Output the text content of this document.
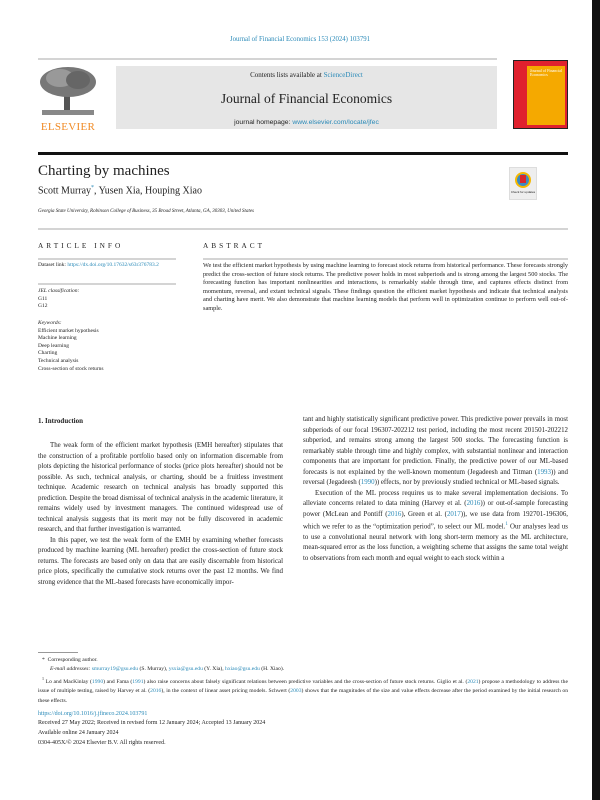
Journal of Financial Economics 153 (2024) 103791
ELSEVIER
Contents lists available at ScienceDirect
Journal of Financial Economics
journal homepage: www.elsevier.com/locate/jfec
Journal of Financial Economics
Check for updates
Charting by machines
Scott Murray*, Yusen Xia, Houping Xiao
Georgia State University, Robinson College of Business, 35 Broad Street, Atlanta, GA, 30303, United States
ARTICLE INFO	ABSTRACT
Dataset link: https://dx.doi.org/10.17632/s63r376783.2
JEL classification:
G11
G12
Keywords:
Efficient market hypothesis
Machine learning
Deep learning
Charting
Technical analysis
Cross-section of stock returns
We test the efficient market hypothesis by using machine learning to forecast stock returns from historical performance. These forecasts strongly predict the cross-section of future stock returns. The predictive power holds in most subperiods and is strong among the largest 500 stocks. The forecasting function has important nonlinearities and interactions, is remarkably stable through time, and captures effects distinct from momentum, reversal, and extant technical signals. These findings question the efficient market hypothesis and indicate that technical analysis and charting have merit. We also demonstrate that machine learning models that perform well in optimization continue to perform well out-of-sample.
1. Introduction

The weak form of the efficient market hypothesis (EMH hereafter) stipulates that the construction of a profitable portfolio based only on information discernable from plots depicting the historical performance of stocks (price plots hereafter) should not be possible. As such, technical analysis, or charting, should be a fruitless investment technique. Academic research on technical analysis has broadly supported this prediction. Despite the broad dismissal of technical analysis in the academic literature, it remains widely used by investment managers. The continued widespread use of technical analysis suggests that its merit may not be fully discovered in academic research, and that further investigation is warranted.

In this paper, we test the weak form of the EMH by examining whether forecasts produced by machine learning (ML hereafter) predict the cross-section of future stock returns. The forecasts are based only on data that are easily discernable from historical price plots, specifically the cumulative stock returns over the past 12 months. We find strong evidence that the ML-based forecasts have economically impor-

tant and highly statistically significant predictive power. This predictive power prevails in most subperiods of our focal 196307-202212 test period, including the most recent 201501-202212 subperiod, and remains strong among the largest 500 stocks. The forecasting function is remarkably stable through time and highly complex, with substantial nonlinear and interaction components that are important for prediction. Finally, the predictive power of our ML-based forecasts is not explained by the well-known momentum (Jegadeesh and Titman (1993)) and reversal (Jegadeesh (1990)) effects, nor by previously studied technical or ML-based signals.

Execution of the ML process requires us to make several implementation decisions. To alleviate concerns related to data mining (Harvey et al. (2016)) or out-of-sample forecasting power (McLean and Pontiff (2016), Green et al. (2017)), we use data from 192701-196306, which we refer to as the “optimization period”, to select our ML model.$^1$ Our analyses lead us to use a convolutional neural network with long short-term memory as the ML architecture, mean-squared error as the loss function, a weighting scheme that assigns the same total weight to observations from each month and equal weight to each stock within a

* Corresponding author.
E-mail addresses: smurray19@gsu.edu (S. Murray), ysxia@gsu.edu (Y. Xia), hxiao@gsu.edu (H. Xiao).

$^1$ Lo and MacKinlay (1990) and Fama (1991) also raise concerns about falsely significant relations between predictive variables and the cross-section of future stock returns. Giglio et al. (2021) propose a methodology to address the issue of multiple testing, raised by Harvey et al. (2016), in the context of linear asset pricing models. Schwert (2003) shows that the magnitudes of the size and value effects decrease after the period examined by the initial research on these effects.

https://doi.org/10.1016/j.jfineco.2024.103791
Received 27 May 2022; Received in revised form 12 January 2024; Accepted 13 January 2024
Available online 24 January 2024
0304-405X/© 2024 Elsevier B.V. All rights reserved.
